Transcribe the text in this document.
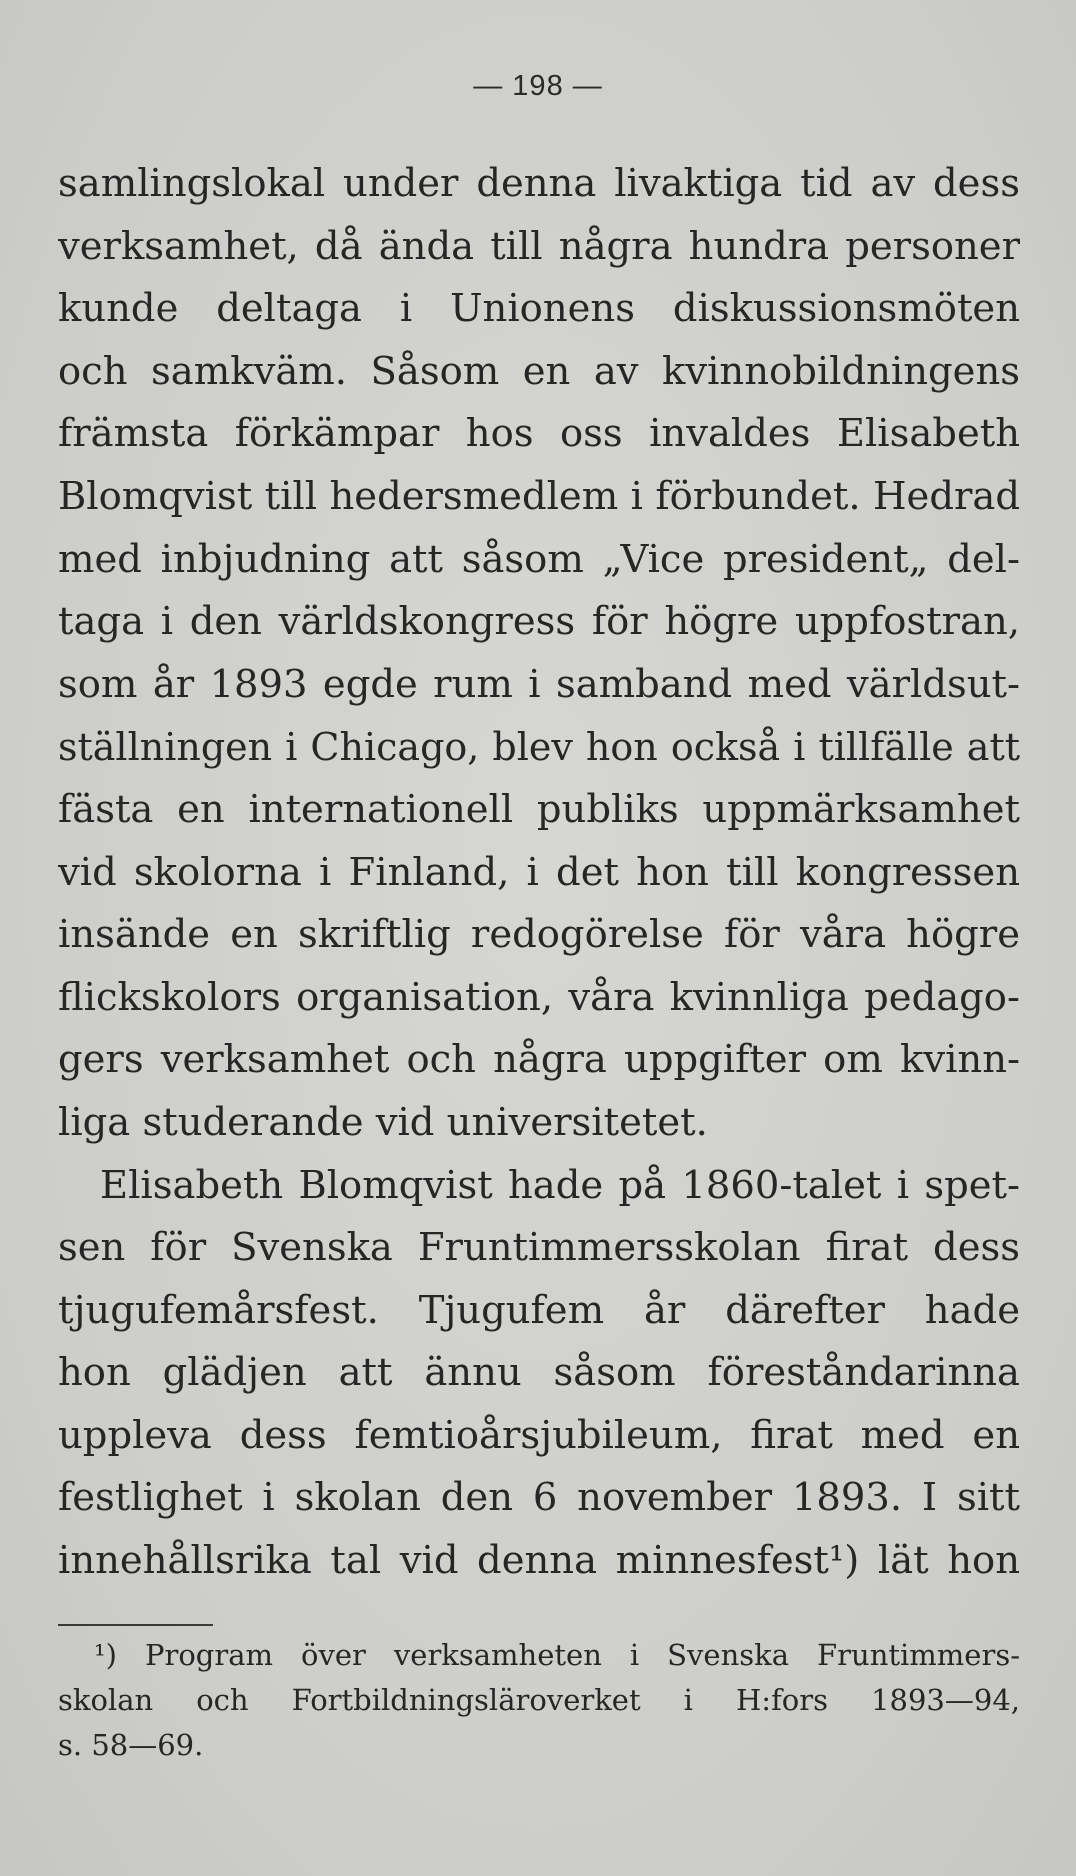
— 198 —
samlingslokal under denna livaktiga tid av dess
verksamhet, då ända till några hundra personer
kunde deltaga i Unionens diskussionsmöten
och samkväm. Såsom en av kvinnobildningens
främsta förkämpar hos oss invaldes Elisabeth
Blomqvist till hedersmedlem i förbundet. Hedrad
med inbjudning att såsom „Vice president„ del-
taga i den världskongress för högre uppfostran,
som år 1893 egde rum i samband med världsut-
ställningen i Chicago, blev hon också i tillfälle att
fästa en internationell publiks uppmärksamhet
vid skolorna i Finland, i det hon till kongressen
insände en skriftlig redogörelse för våra högre
flickskolors organisation, våra kvinnliga pedago-
gers verksamhet och några uppgifter om kvinn-
liga studerande vid universitetet.
Elisabeth Blomqvist hade på 1860-talet i spet-
sen för Svenska Fruntimmersskolan firat dess
tjugufemårsfest. Tjugufem år därefter hade
hon glädjen att ännu såsom föreståndarinna
uppleva dess femtioårsjubileum, firat med en
festlighet i skolan den 6 november 1893. I sitt
innehållsrika tal vid denna minnesfest¹) lät hon
¹) Program över verksamheten i Svenska Fruntimmers-
skolan och Fortbildningsläroverket i H:fors 1893—94,
s. 58—69.
